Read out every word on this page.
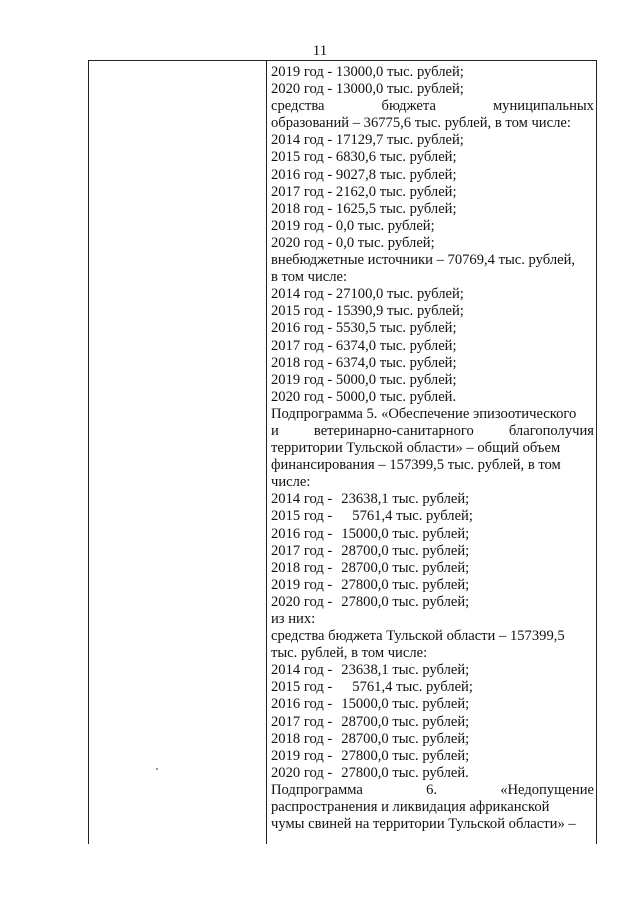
11
2019 год - 13000,0 тыс. рублей;
2020 год - 13000,0 тыс. рублей;
средства	бюджета	муниципальных
образований – 36775,6 тыс. рублей, в том числе:
2014 год - 17129,7 тыс. рублей;
2015 год - 6830,6 тыс. рублей;
2016 год - 9027,8 тыс. рублей;
2017 год - 2162,0 тыс. рублей;
2018 год - 1625,5 тыс. рублей;
2019 год - 0,0 тыс. рублей;
2020 год - 0,0 тыс. рублей;
внебюджетные источники – 70769,4 тыс. рублей,
в том числе:
2014 год - 27100,0 тыс. рублей;
2015 год - 15390,9 тыс. рублей;
2016 год - 5530,5 тыс. рублей;
2017 год - 6374,0 тыс. рублей;
2018 год - 6374,0 тыс. рублей;
2019 год - 5000,0 тыс. рублей;
2020 год - 5000,0 тыс. рублей.
Подпрограмма 5. «Обеспечение эпизоотического
и ветеринарно-санитарного благополучия
территории Тульской области» – общий объем
финансирования – 157399,5 тыс. рублей, в том
числе:
2014 год - 23638,1 тыс. рублей;
2015 год - 5761,4 тыс. рублей;
2016 год - 15000,0 тыс. рублей;
2017 год - 28700,0 тыс. рублей;
2018 год - 28700,0 тыс. рублей;
2019 год - 27800,0 тыс. рублей;
2020 год - 27800,0 тыс. рублей;
из них:
средства бюджета Тульской области – 157399,5
тыс. рублей, в том числе:
2014 год - 23638,1 тыс. рублей;
2015 год - 5761,4 тыс. рублей;
2016 год - 15000,0 тыс. рублей;
2017 год - 28700,0 тыс. рублей;
2018 год - 28700,0 тыс. рублей;
2019 год - 27800,0 тыс. рублей;
2020 год - 27800,0 тыс. рублей.
Подпрограмма	6.	«Недопущение
распространения и ликвидация африканской
чумы свиней на территории Тульской области» –
